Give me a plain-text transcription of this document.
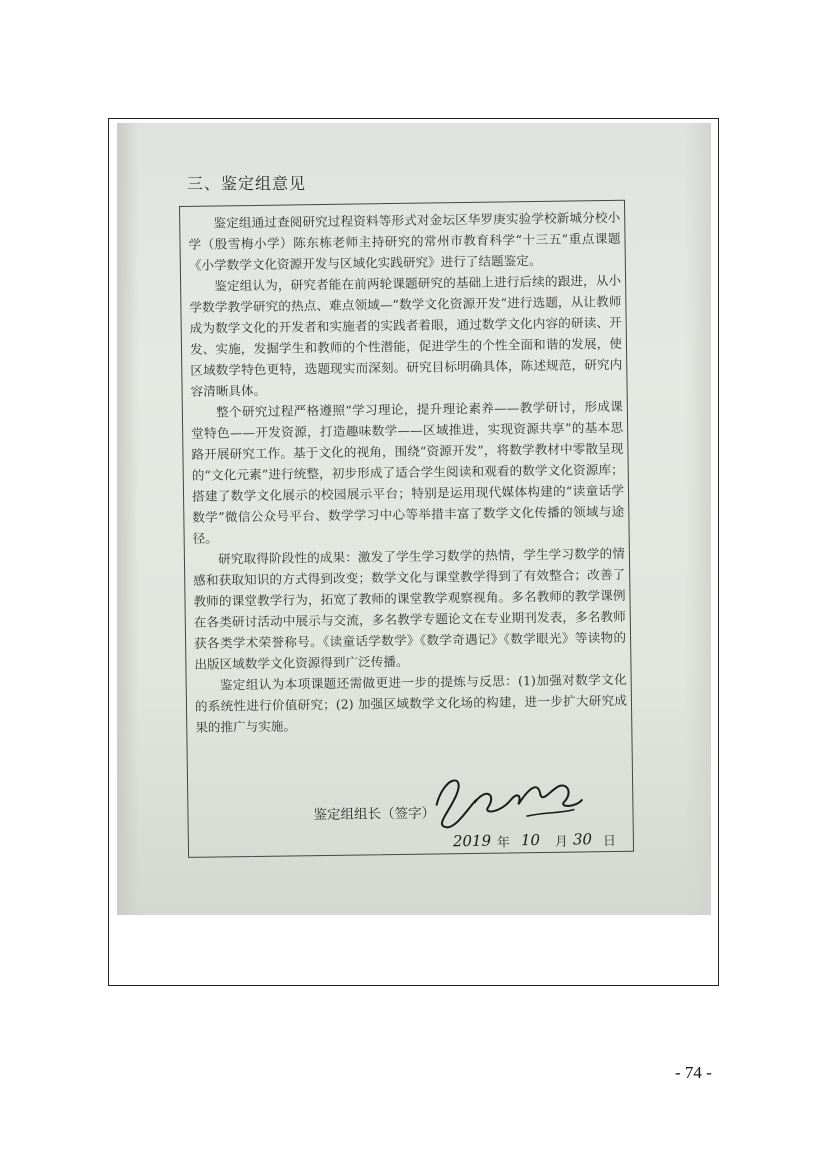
三、鉴定组意见

鉴定组通过查阅研究过程资料等形式对金坛区华罗庚实验学校新城分校小学（殷雪梅小学）陈东栋老师主持研究的常州市教育科学“十三五”重点课题《小学数学文化资源开发与区域化实践研究》进行了结题鉴定。

鉴定组认为，研究者能在前两轮课题研究的基础上进行后续的跟进，从小学数学教学研究的热点、难点领域—“数学文化资源开发”进行选题，从让教师成为数学文化的开发者和实施者的实践者着眼，通过数学文化内容的研读、开发、实施，发掘学生和教师的个性潜能，促进学生的个性全面和谐的发展，使区域数学特色更特，选题现实而深刻。研究目标明确具体，陈述规范，研究内容清晰具体。

整个研究过程严格遵照“学习理论，提升理论素养——教学研讨，形成课堂特色——开发资源，打造趣味数学——区域推进，实现资源共享”的基本思路开展研究工作。基于文化的视角，围绕“资源开发”，将数学教材中零散呈现的“文化元素”进行统整，初步形成了适合学生阅读和观看的数学文化资源库；搭建了数学文化展示的校园展示平台；特别是运用现代媒体构建的“读童话学数学”微信公众号平台、数学学习中心等举措丰富了数学文化传播的领域与途径。

研究取得阶段性的成果：激发了学生学习数学的热情，学生学习数学的情感和获取知识的方式得到改变；数学文化与课堂教学得到了有效整合；改善了教师的课堂教学行为，拓宽了教师的课堂教学观察视角。多名教师的教学课例在各类研讨活动中展示与交流，多名教学专题论文在专业期刊发表，多名教师获各类学术荣誉称号。《读童话学数学》《数学奇遇记》《数学眼光》等读物的出版区域数学文化资源得到广泛传播。

鉴定组认为本项课题还需做更进一步的提炼与反思：(1)加强对数学文化的系统性进行价值研究；(2) 加强区域数学文化场的构建，进一步扩大研究成果的推广与实施。

鉴定组组长（签字）
2019 年 10 月 30 日
- 74 -
